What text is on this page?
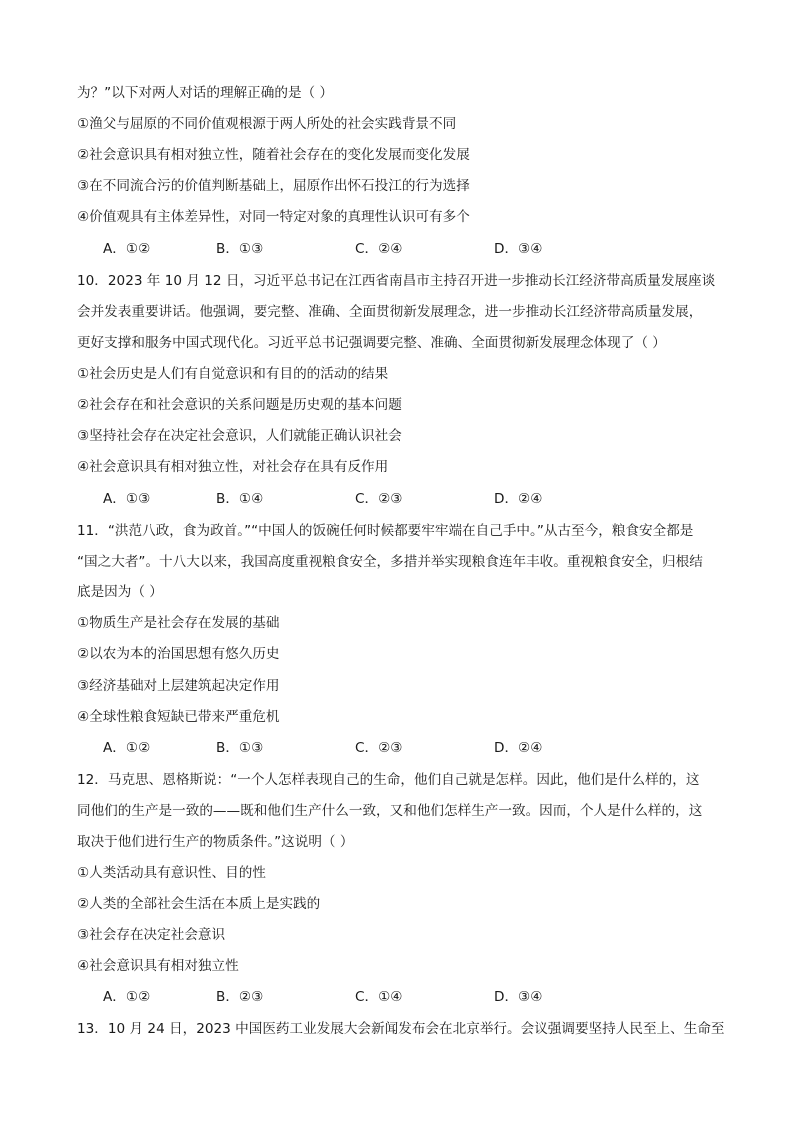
为？”以下对两人对话的理解正确的是（ ）
①渔父与屈原的不同价值观根源于两人所处的社会实践背景不同
②社会意识具有相对独立性，随着社会存在的变化发展而变化发展
③在不同流合污的价值判断基础上，屈原作出怀石投江的行为选择
④价值观具有主体差异性，对同一特定对象的真理性认识可有多个
A．①②	B．①③	C．②④	D．③④
10．2023 年 10 月 12 日，习近平总书记在江西省南昌市主持召开进一步推动长江经济带高质量发展座谈
会并发表重要讲话。他强调，要完整、准确、全面贯彻新发展理念，进一步推动长江经济带高质量发展，
更好支撑和服务中国式现代化。习近平总书记强调要完整、准确、全面贯彻新发展理念体现了（ ）
①社会历史是人们有自觉意识和有目的的活动的结果
②社会存在和社会意识的关系问题是历史观的基本问题
③坚持社会存在决定社会意识，人们就能正确认识社会
④社会意识具有相对独立性，对社会存在具有反作用
A．①③	B．①④	C．②③	D．②④
11．“洪范八政，食为政首。”“中国人的饭碗任何时候都要牢牢端在自己手中。”从古至今，粮食安全都是
“国之大者”。十八大以来，我国高度重视粮食安全，多措并举实现粮食连年丰收。重视粮食安全，归根结
底是因为（ ）
①物质生产是社会存在发展的基础
②以农为本的治国思想有悠久历史
③经济基础对上层建筑起决定作用
④全球性粮食短缺已带来严重危机
A．①②	B．①③	C．②③	D．②④
12．马克思、恩格斯说：“一个人怎样表现自己的生命，他们自己就是怎样。因此，他们是什么样的，这
同他们的生产是一致的——既和他们生产什么一致，又和他们怎样生产一致。因而，个人是什么样的，这
取决于他们进行生产的物质条件。”这说明（ ）
①人类活动具有意识性、目的性
②人类的全部社会生活在本质上是实践的
③社会存在决定社会意识
④社会意识具有相对独立性
A．①②	B．②③	C．①④	D．③④
13．10 月 24 日，2023 中国医药工业发展大会新闻发布会在北京举行。会议强调要坚持人民至上、生命至
